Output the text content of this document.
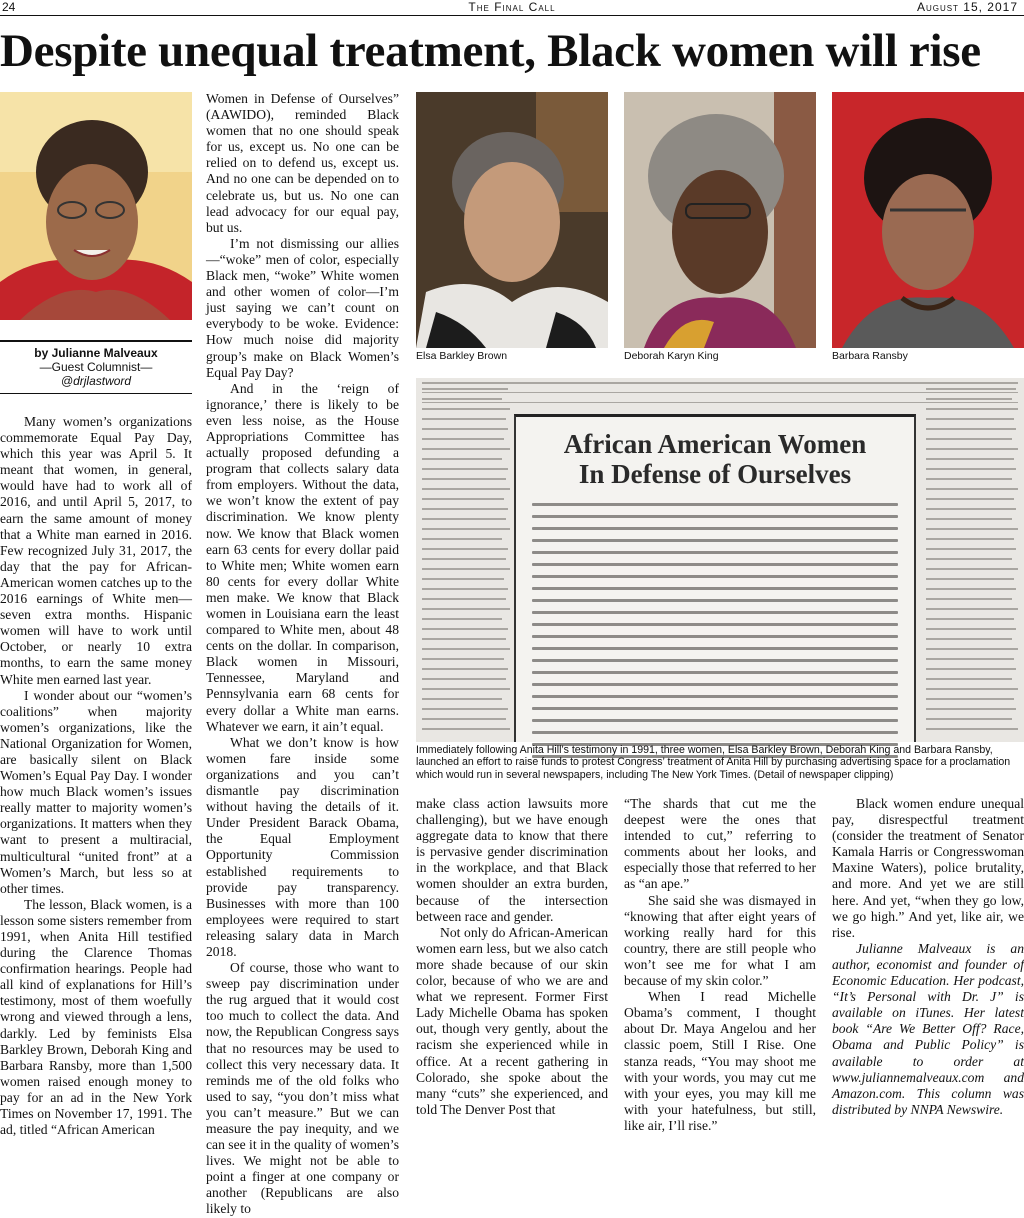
24	The Final Call	August 15, 2017
Despite unequal treatment, Black women will rise
by Julianne Malveaux
—Guest Columnist—
@drjlastword
Elsa Barkley Brown	Deborah Karyn King	Barbara Ransby
African American Women
In Defense of Ourselves
Immediately following Anita Hill’s testimony in 1991, three women, Elsa Barkley Brown, Deborah King and Barbara Ransby, launched an effort to raise funds to protest Congress’ treatment of Anita Hill by purchasing advertising space for a proclamation which would run in several newspapers, including The New York Times. (Detail of newspaper clipping)

Many women’s organizations commemorate Equal Pay Day, which this year was April 5. It meant that women, in general, would have had to work all of 2016, and until April 5, 2017, to earn the same amount of money that a White man earned in 2016. Few recognized July 31, 2017, the day that the pay for African-American women catches up to the 2016 earnings of White men—seven extra months. Hispanic women will have to work until October, or nearly 10 extra months, to earn the same money White men earned last year.

I wonder about our “women’s coalitions” when majority women’s organizations, like the National Organization for Women, are basically silent on Black Women’s Equal Pay Day. I wonder how much Black women’s issues really matter to majority women’s organizations. It matters when they want to present a multiracial, multicultural “united front” at a Women’s March, but less so at other times.

The lesson, Black women, is a lesson some sisters remember from 1991, when Anita Hill testified during the Clarence Thomas confirmation hearings. People had all kind of explanations for Hill’s testimony, most of them woefully wrong and viewed through a lens, darkly. Led by feminists Elsa Barkley Brown, Deborah King and Barbara Ransby, more than 1,500 women raised enough money to pay for an ad in the New York Times on November 17, 1991. The ad, titled “African American

Women in Defense of Ourselves” (AAWIDO), reminded Black women that no one should speak for us, except us. No one can be relied on to defend us, except us. And no one can be depended on to celebrate us, but us. No one can lead advocacy for our equal pay, but us.

I’m not dismissing our allies—“woke” men of color, especially Black men, “woke” White women and other women of color—I’m just saying we can’t count on everybody to be woke. Evidence: How much noise did majority group’s make on Black Women’s Equal Pay Day?

And in the ‘reign of ignorance,’ there is likely to be even less noise, as the House Appropriations Committee has actually proposed defunding a program that collects salary data from employers. Without the data, we won’t know the extent of pay discrimination. We know plenty now. We know that Black women earn 63 cents for every dollar paid to White men; White women earn 80 cents for every dollar White men make. We know that Black women in Louisiana earn the least compared to White men, about 48 cents on the dollar. In comparison, Black women in Missouri, Tennessee, Maryland and Pennsylvania earn 68 cents for every dollar a White man earns. Whatever we earn, it ain’t equal.

What we don’t know is how women fare inside some organizations and you can’t dismantle pay discrimination without having the details of it. Under President Barack Obama, the Equal Employment Opportunity Commission established requirements to provide pay transparency. Businesses with more than 100 employees were required to start releasing salary data in March 2018.

Of course, those who want to sweep pay discrimination under the rug argued that it would cost too much to collect the data. And now, the Republican Congress says that no resources may be used to collect this very necessary data. It reminds me of the old folks who used to say, “you don’t miss what you can’t measure.” But we can measure the pay inequity, and we can see it in the quality of women’s lives. We might not be able to point a finger at one company or another (Republicans are also likely to

make class action lawsuits more challenging), but we have enough aggregate data to know that there is pervasive gender discrimination in the workplace, and that Black women shoulder an extra burden, because of the intersection between race and gender.

Not only do African-American women earn less, but we also catch more shade because of our skin color, because of who we are and what we represent. Former First Lady Michelle Obama has spoken out, though very gently, about the racism she experienced while in office. At a recent gathering in Colorado, she spoke about the many “cuts” she experienced, and told The Denver Post that

“The shards that cut me the deepest were the ones that intended to cut,” referring to comments about her looks, and especially those that referred to her as “an ape.”

She said she was dismayed in “knowing that after eight years of working really hard for this country, there are still people who won’t see me for what I am because of my skin color.”

When I read Michelle Obama’s comment, I thought about Dr. Maya Angelou and her classic poem, Still I Rise. One stanza reads, “You may shoot me with your words, you may cut me with your eyes, you may kill me with your hatefulness, but still, like air, I’ll rise.”

Black women endure unequal pay, disrespectful treatment (consider the treatment of Senator Kamala Harris or Congresswoman Maxine Waters), police brutality, and more. And yet we are still here. And yet, “when they go low, we go high.” And yet, like air, we rise.

Julianne Malveaux is an author, economist and founder of Economic Education. Her podcast, “It’s Personal with Dr. J” is available on iTunes. Her latest book “Are We Better Off? Race, Obama and Public Policy” is available to order at www.juliannemalveaux.com and Amazon.com. This column was distributed by NNPA Newswire.
